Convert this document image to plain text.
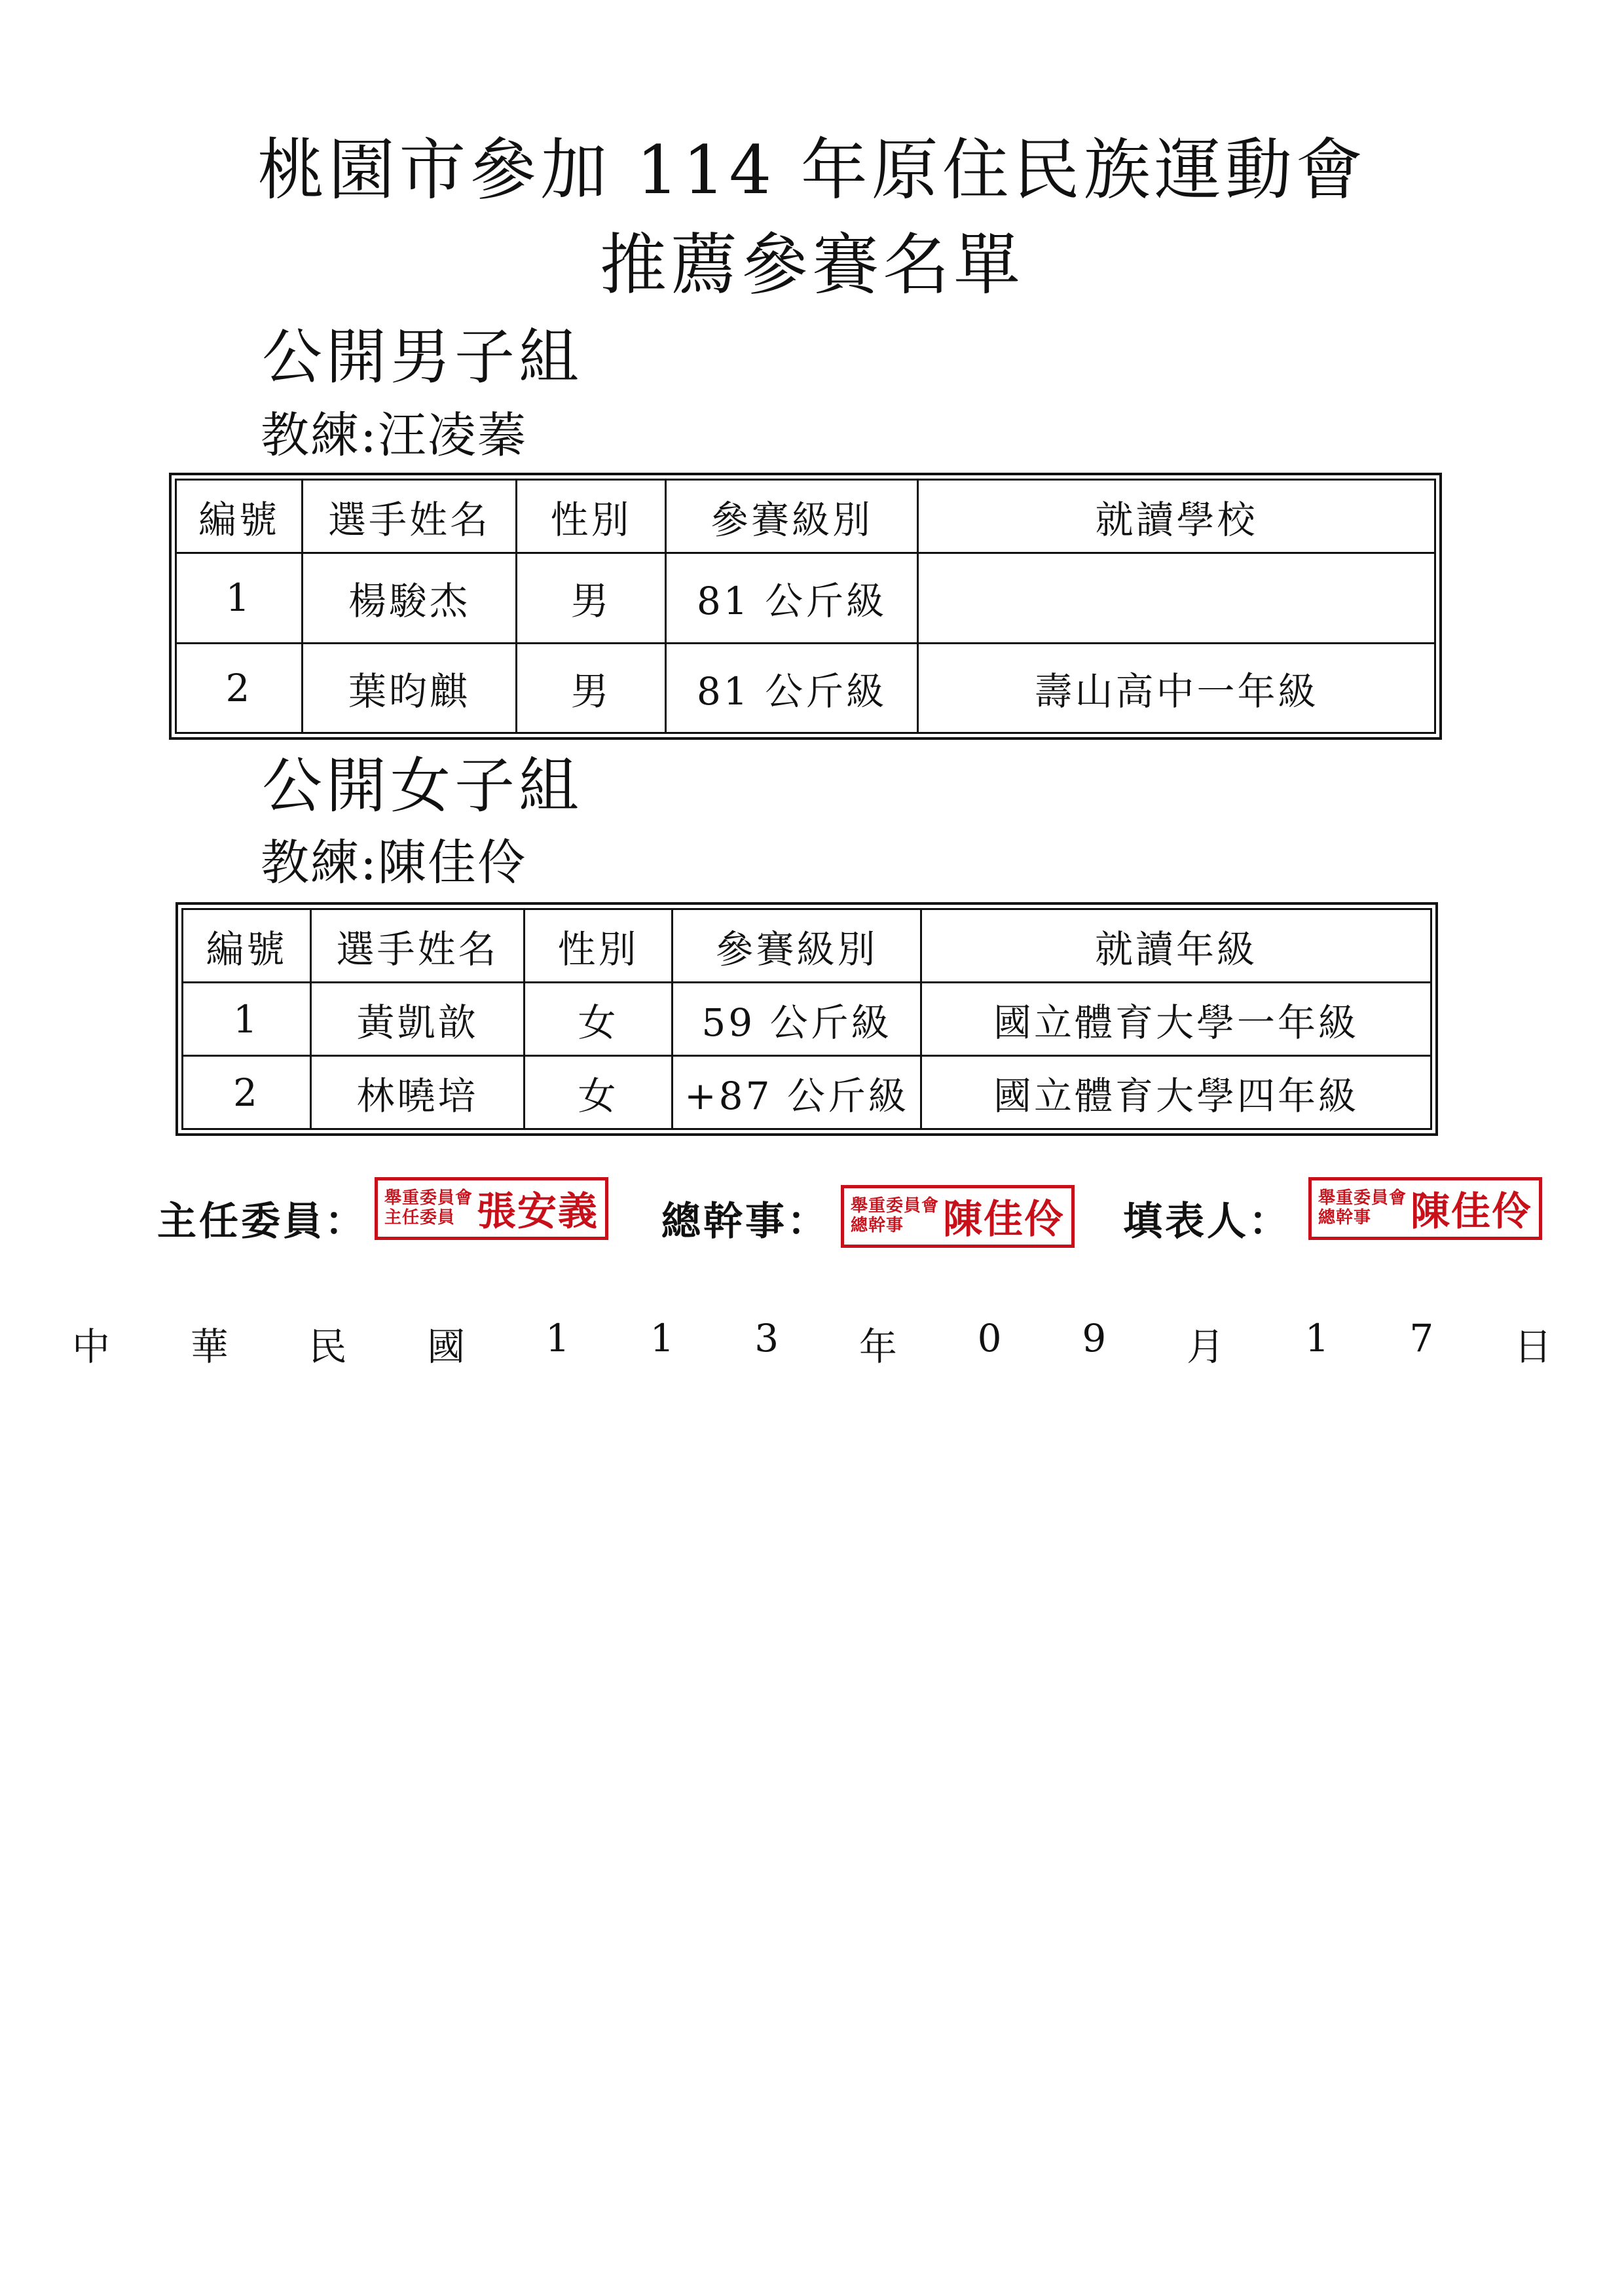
桃園市參加 114 年原住民族運動會
推薦參賽名單
公開男子組
教練:汪凌蓁
編號	選手姓名	性別	參賽級別	就讀學校
1	楊駿杰	男	81 公斤級	
2	葉昀麒	男	81 公斤級	壽山高中一年級
公開女子組
教練:陳佳伶
編號	選手姓名	性別	參賽級別	就讀年級
1	黃凱歆	女	59 公斤級	國立體育大學一年級
2	林曉培	女	+87 公斤級	國立體育大學四年級
主任委員：
舉重委員會
主任委員 張安義 總幹事： 舉重委員會
總幹事	陳佳伶 填表人：
舉重委員會
總幹事	陳佳伶
中 華 民 國 1 1 3 年 0 9 月 1 7 日
